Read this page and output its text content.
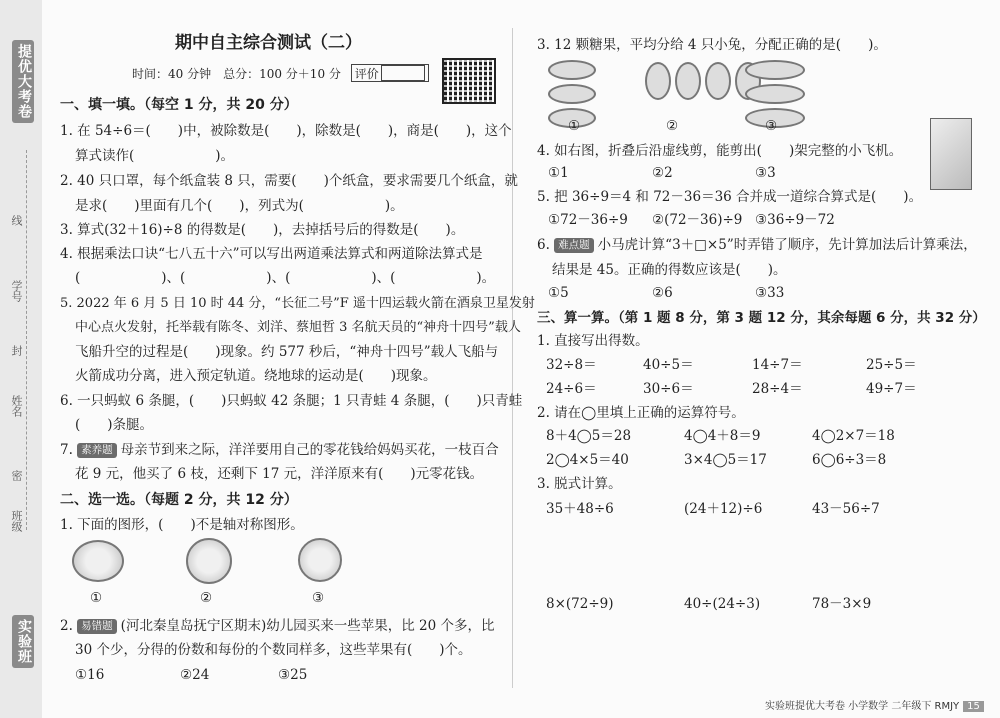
提优大考卷
线
学号
封
姓名
密
班级
实验班
期中自主综合测试（二）
时间：40 分钟　总分：100 分＋10 分 评价
一、填一填。（每空 1 分，共 20 分）
1. 在 54÷6＝(　　)中，被除数是(　　)，除数是(　　)，商是(　　)，这个
算式读作(　　　　　　)。
2. 40 只口罩，每个纸盒装 8 只，需要(　　)个纸盒，要求需要几个纸盒，就
是求(　　)里面有几个(　　)，列式为(　　　　　　)。
3. 算式(32＋16)÷8 的得数是(　　)，去掉括号后的得数是(　　)。
4. 根据乘法口诀“七八五十六”可以写出两道乘法算式和两道除法算式是
(　　　　　　)、(　　　　　　)、(　　　　　　)、(　　　　　　)。
5. 2022 年 6 月 5 日 10 时 44 分，“长征二号”F 遥十四运载火箭在酒泉卫星发射
中心点火发射，托举载有陈冬、刘洋、蔡旭哲 3 名航天员的“神舟十四号”载人
飞船升空的过程是(　　)现象。约 577 秒后，“神舟十四号”载人飞船与
火箭成功分离，进入预定轨道。绕地球的运动是(　　)现象。
6. 一只蚂蚁 6 条腿，(　　)只蚂蚁 42 条腿；1 只青蛙 4 条腿，(　　)只青蛙
(　　)条腿。
7. 素养题 母亲节到来之际，洋洋要用自己的零花钱给妈妈买花，一枝百合
花 9 元，他买了 6 枝，还剩下 17 元，洋洋原来有(　　)元零花钱。
二、选一选。（每题 2 分，共 12 分）
1. 下面的图形，(　　)不是轴对称图形。
①	②	③
2. 易错题 (河北秦皇岛抚宁区期末)幼儿园买来一些苹果，比 20 个多，比
30 个少，分得的份数和每份的个数同样多，这些苹果有(　　)个。
①16	②24	③25
3. 12 颗糖果，平均分给 4 只小兔，分配正确的是(　　)。
①	②	③
4. 如右图，折叠后沿虚线剪，能剪出(　　)架完整的小飞机。
①1	②2	③3
5. 把 36÷9＝4 和 72－36＝36 合并成一道综合算式是(　　)。
①72－36÷9 ②(72－36)÷9 ③36÷9－72
6. 难点题 小马虎计算“3＋□×5”时弄错了顺序，先计算加法后计算乘法，
结果是 45。正确的得数应该是(　　)。
①5	②6	③33
三、算一算。（第 1 题 8 分，第 3 题 12 分，其余每题 6 分，共 32 分）
1. 直接写出得数。
32÷8＝	40÷5＝	14÷7＝	25÷5＝
24÷6＝	30÷6＝	28÷4＝	49÷7＝
2. 请在◯里填上正确的运算符号。
8＋4◯5＝28	4◯4＋8＝9	4◯2×7＝18
2◯4×5＝40	3×4◯5＝17	6◯6÷3＝8
3. 脱式计算。
35＋48÷6	(24＋12)÷6	43－56÷7
8×(72÷9)	40÷(24÷3)	78－3×9
实验班提优大考卷 小学数学 二年级下 RMJY 15
